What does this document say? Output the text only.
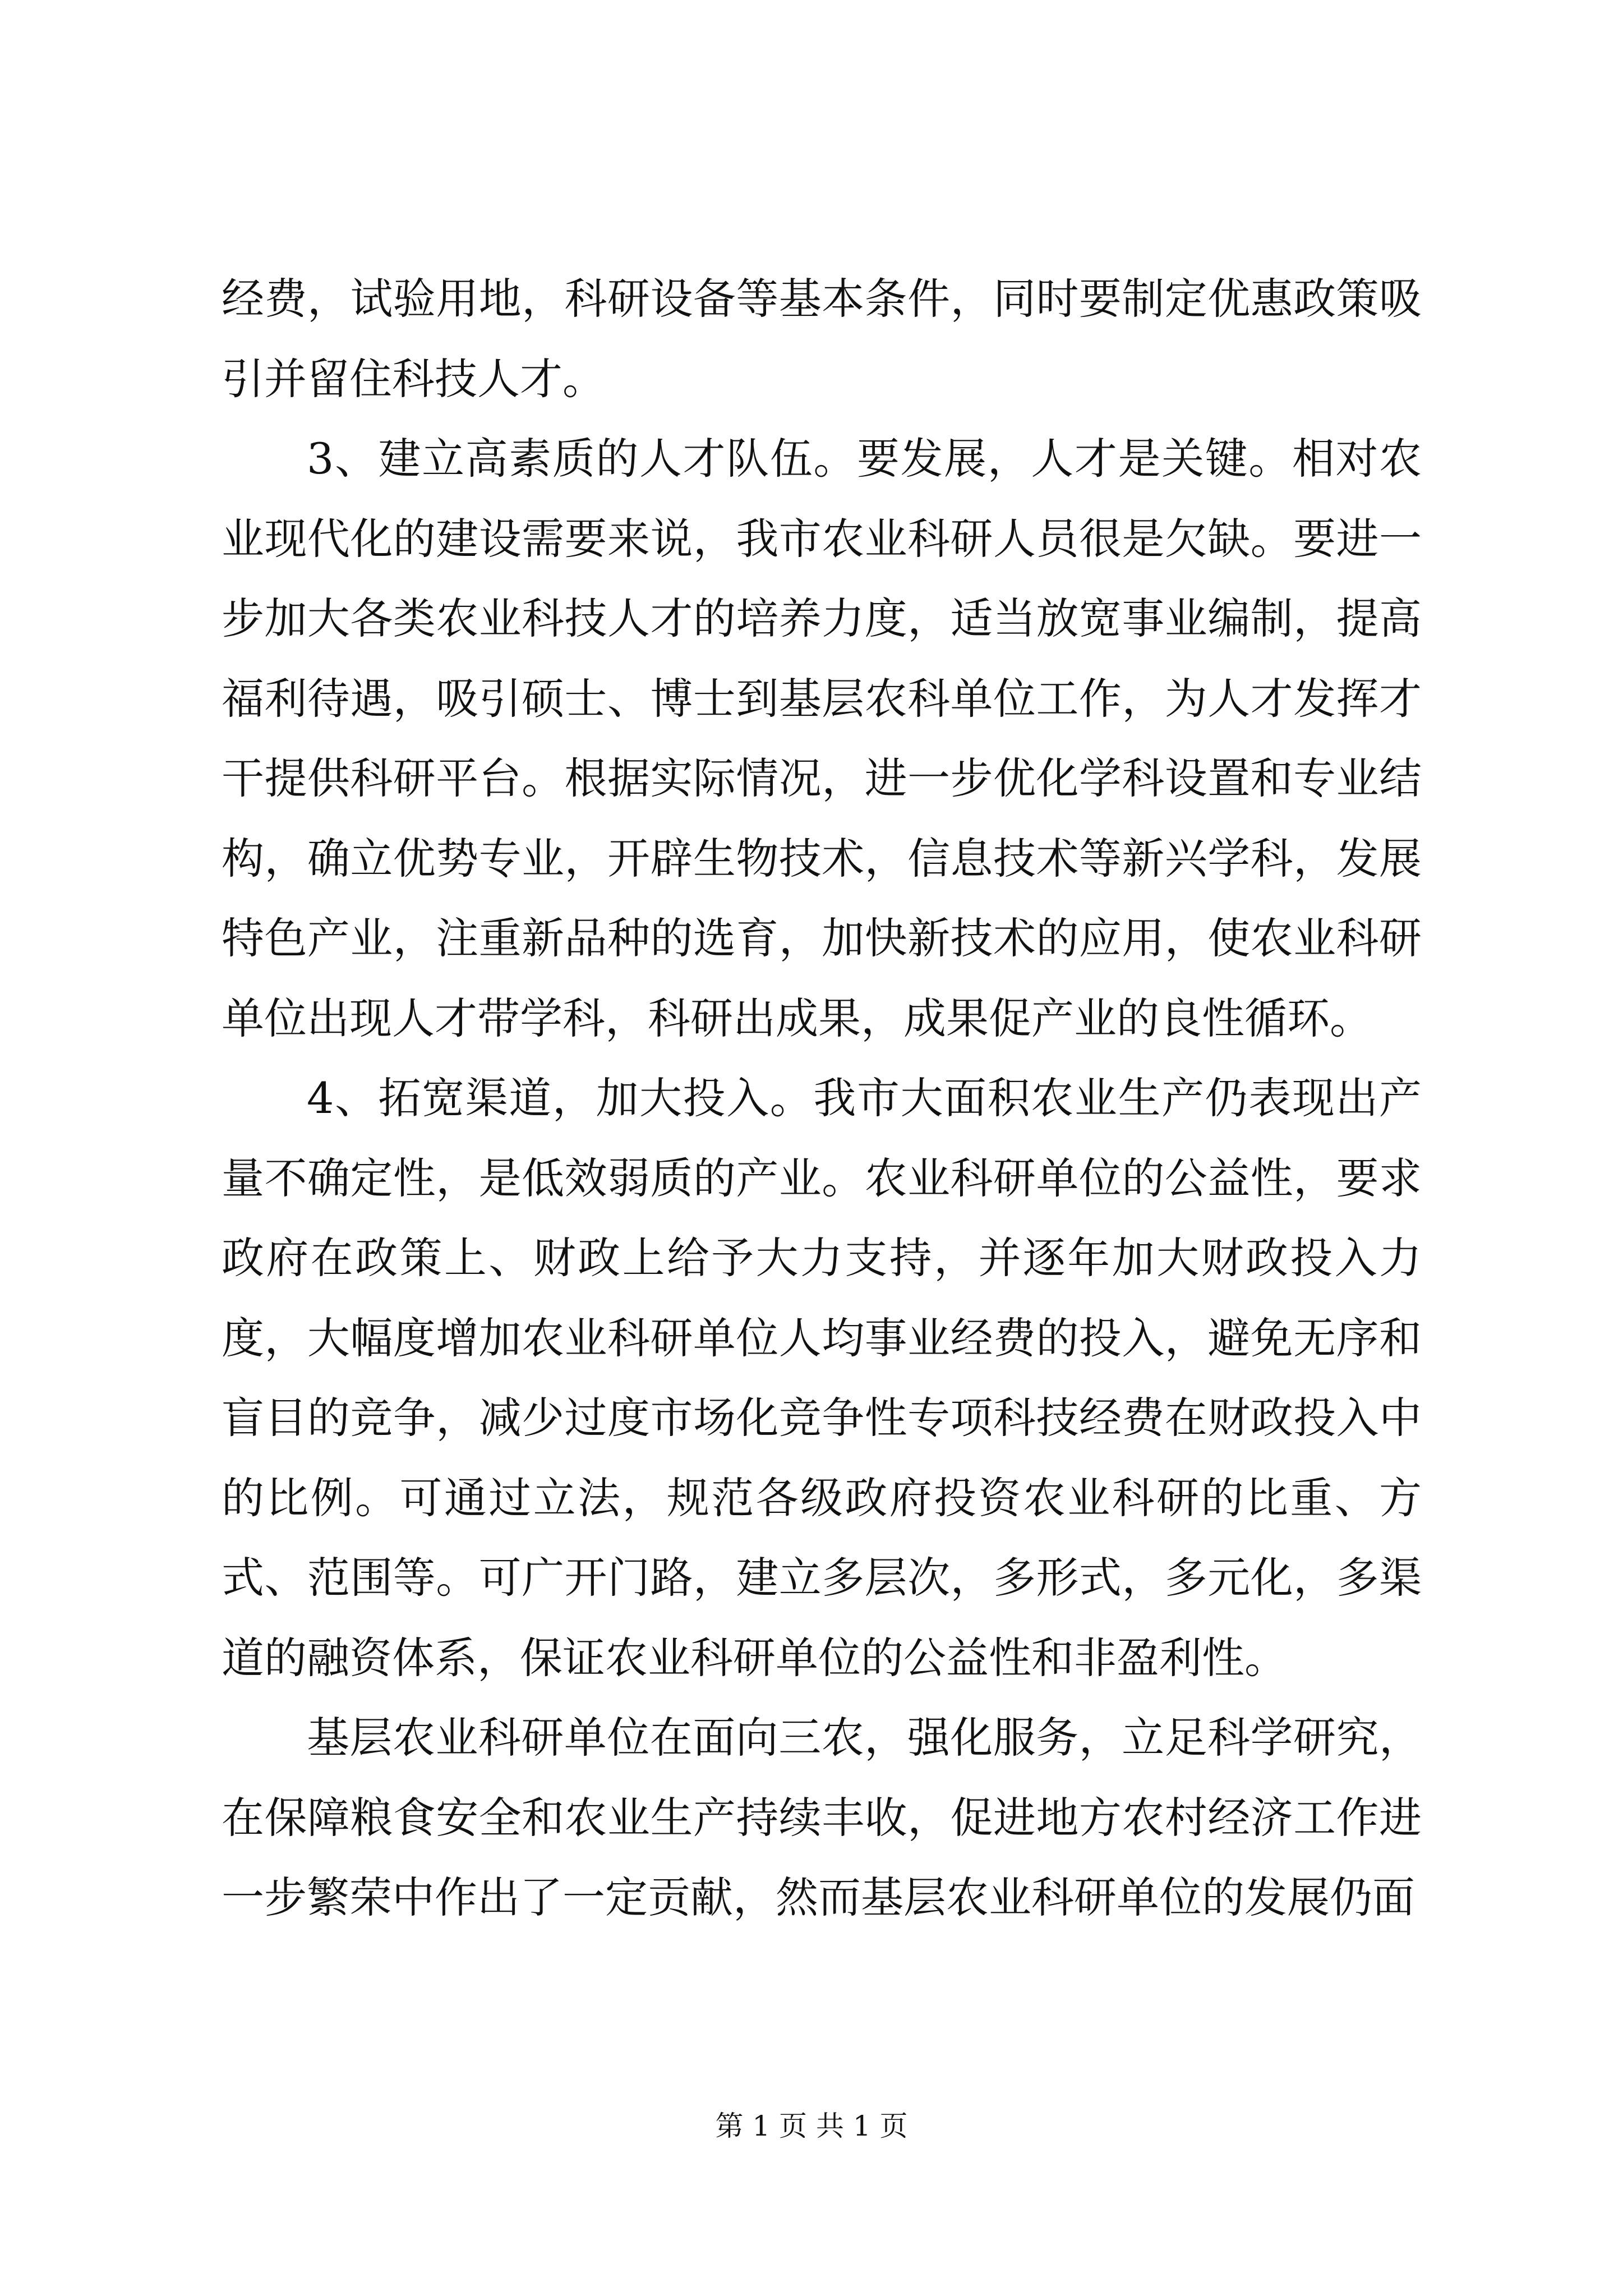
经费，试验用地，科研设备等基本条件，同时要制定优惠政策吸引并留住科技人才。

3、建立高素质的人才队伍。要发展，人才是关键。相对农业现代化的建设需要来说，我市农业科研人员很是欠缺。要进一步加大各类农业科技人才的培养力度，适当放宽事业编制，提高福利待遇，吸引硕士、博士到基层农科单位工作，为人才发挥才干提供科研平台。根据实际情况，进一步优化学科设置和专业结构，确立优势专业，开辟生物技术，信息技术等新兴学科，发展特色产业，注重新品种的选育，加快新技术的应用，使农业科研单位出现人才带学科，科研出成果，成果促产业的良性循环。

4、拓宽渠道，加大投入。我市大面积农业生产仍表现出产量不确定性，是低效弱质的产业。农业科研单位的公益性，要求政府在政策上、财政上给予大力支持，并逐年加大财政投入力度，大幅度增加农业科研单位人均事业经费的投入，避免无序和盲目的竞争，减少过度市场化竞争性专项科技经费在财政投入中的比例。可通过立法，规范各级政府投资农业科研的比重、方式、范围等。可广开门路，建立多层次，多形式，多元化，多渠道的融资体系，保证农业科研单位的公益性和非盈利性。

基层农业科研单位在面向三农，强化服务，立足科学研究，在保障粮食安全和农业生产持续丰收，促进地方农村经济工作进一步繁荣中作出了一定贡献，然而基层农业科研单位的发展仍面

第 1 页 共 1 页
